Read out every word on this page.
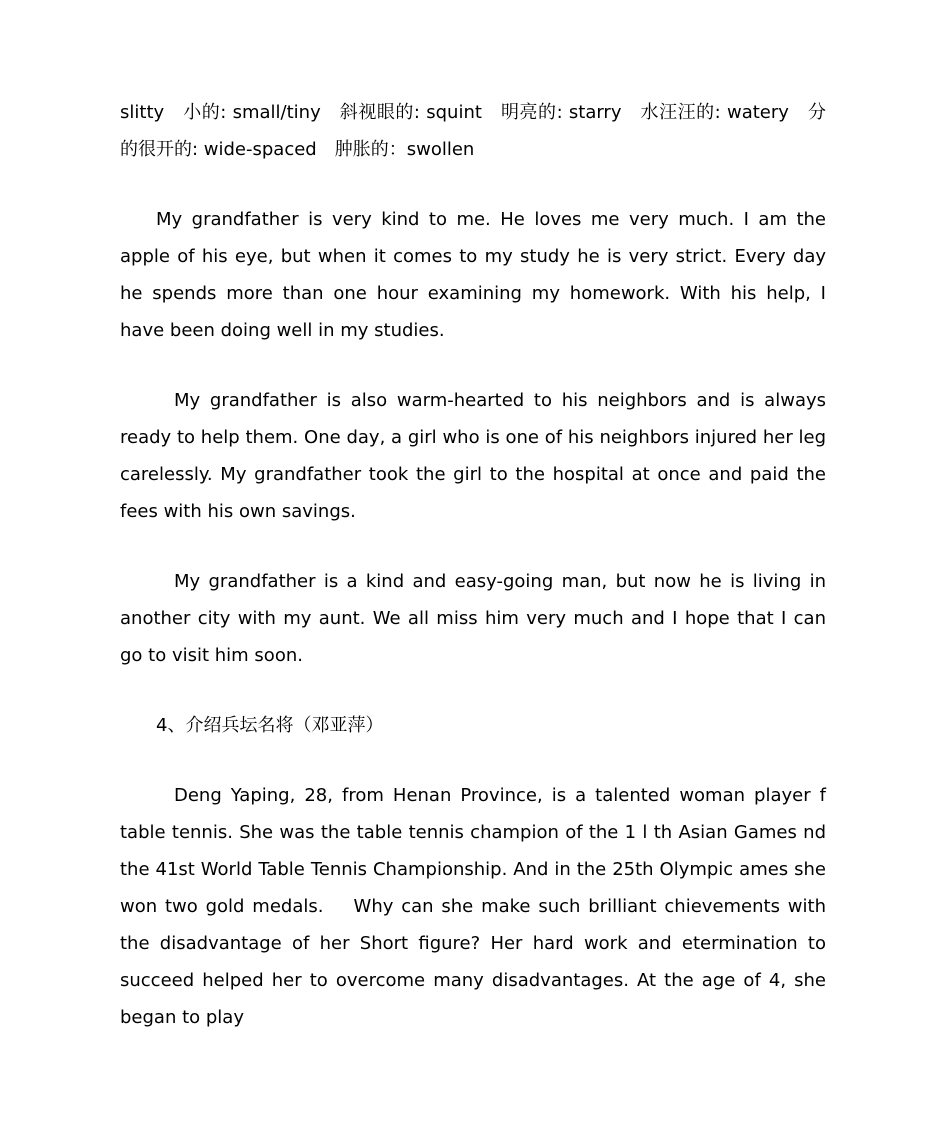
slitty　小的: small/tiny　斜视眼的: squint　明亮的: starry　水汪汪的: watery　分的很开的: wide-spaced　肿胀的：swollen

My grandfather is very kind to me. He loves me very much. I am the apple of his eye, but when it comes to my study he is very strict. Every day he spends more than one hour examining my homework. With his help, I have been doing well in my studies.

My grandfather is also warm-hearted to his neighbors and is always ready to help them. One day, a girl who is one of his neighbors injured her leg carelessly. My grandfather took the girl to the hospital at once and paid the fees with his own savings.

My grandfather is a kind and easy-going man, but now he is living in another city with my aunt. We all miss him very much and I hope that I can go to visit him soon.

4、介绍兵坛名将（邓亚萍）

Deng Yaping, 28, from Henan Province, is a talented woman player f table tennis. She was the table tennis champion of the 1 l th Asian Games nd the 41st World Table Tennis Championship. And in the 25th Olympic ames she won two gold medals.　 Why can she make such brilliant chievements with the disadvantage of her Short figure? Her hard work and etermination to succeed helped her to overcome many disadvantages. At the age of 4, she began to play
